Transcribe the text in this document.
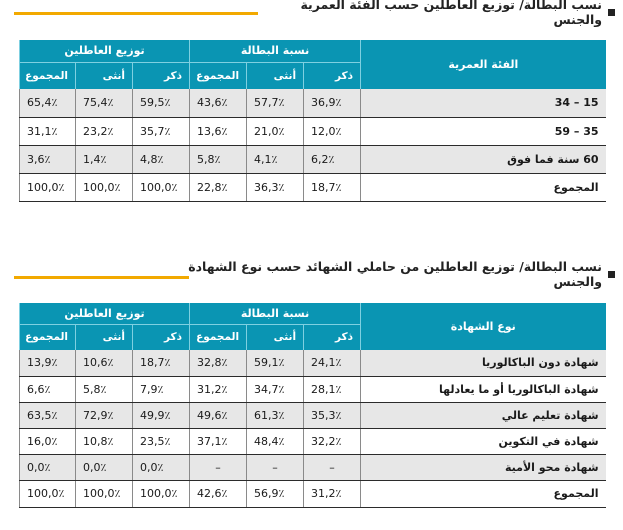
نسب البطالة/ توزيع العاطلين حسب الفئة العمرية والجنس
الفئة العمرية	نسبة البطالة			توزيع العاطلين		
	ذكر	أنثى	المجموع	ذكر	أنثى	المجموع
15 – 34	36,9٪	57,7٪	43,6٪	59,5٪	75,4٪	65,4٪
35 – 59	12,0٪	21,0٪	13,6٪	35,7٪	23,2٪	31,1٪
60 سنة فما فوق	6,2٪	4,1٪	5,8٪	4,8٪	1,4٪	3,6٪
المجموع	18,7٪	36,3٪	22,8٪	100,0٪	100,0٪	100,0٪
نسب البطالة/ توزيع العاطلين من حاملي الشهائد حسب نوع الشهادة والجنس
نوع الشهادة	نسبة البطالة			توزيع العاطلين		
	ذكر	أنثى	المجموع	ذكر	أنثى	المجموع
شهادة دون الباكالوريا	24,1٪	59,1٪	32,8٪	18,7٪	10,6٪	13,9٪
شهادة الباكالوريا أو ما يعادلها	28,1٪	34,7٪	31,2٪	7,9٪	5,8٪	6,6٪
شهادة تعليم عالي	35,3٪	61,3٪	49,6٪	49,9٪	72,9٪	63,5٪
شهادة في التكوين	32,2٪	48,4٪	37,1٪	23,5٪	10,8٪	16,0٪
شهادة محو الأمية	–	–	–	0,0٪	0,0٪	0,0٪
المجموع	31,2٪	56,9٪	42,6٪	100,0٪	100,0٪	100,0٪
